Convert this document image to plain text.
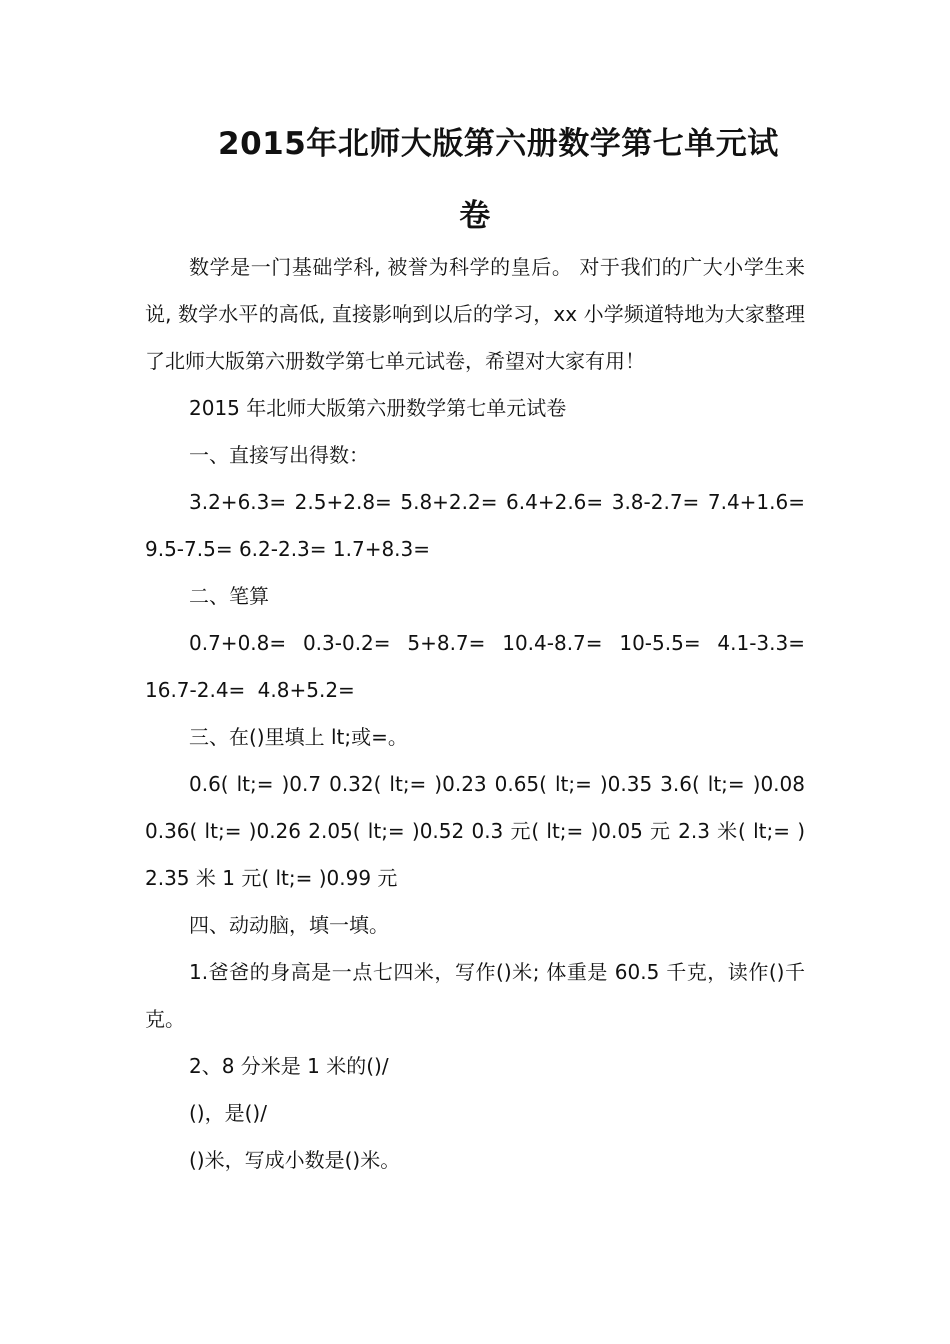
2015年北师大版第六册数学第七单元试
卷

数学是一门基础学科, 被誉为科学的皇后。 对于我们的广大小学生来说, 数学水平的高低, 直接影响到以后的学习，xx 小学频道特地为大家整理了北师大版第六册数学第七单元试卷，希望对大家有用！

2015 年北师大版第六册数学第七单元试卷

一、直接写出得数：

3.2+6.3= 2.5+2.8= 5.8+2.2= 6.4+2.6= 3.8-2.7= 7.4+1.6= 9.5-7.5= 6.2-2.3= 1.7+8.3=

二、笔算

0.7+0.8= 0.3-0.2= 5+8.7= 10.4-8.7= 10-5.5= 4.1-3.3= 16.7-2.4= 4.8+5.2=

三、在()里填上 lt;或=。

0.6( lt;= )0.7 0.32( lt;= )0.23 0.65( lt;= )0.35 3.6( lt;= )0.08 0.36( lt;= )0.26 2.05( lt;= )0.52 0.3 元( lt;= )0.05 元 2.3 米( lt;= )2.35 米 1 元( lt;= )0.99 元

四、动动脑，填一填。

1.爸爸的身高是一点七四米，写作()米; 体重是 60.5 千克，读作()千克。

2、8 分米是 1 米的()/

()，是()/

()米，写成小数是()米。
